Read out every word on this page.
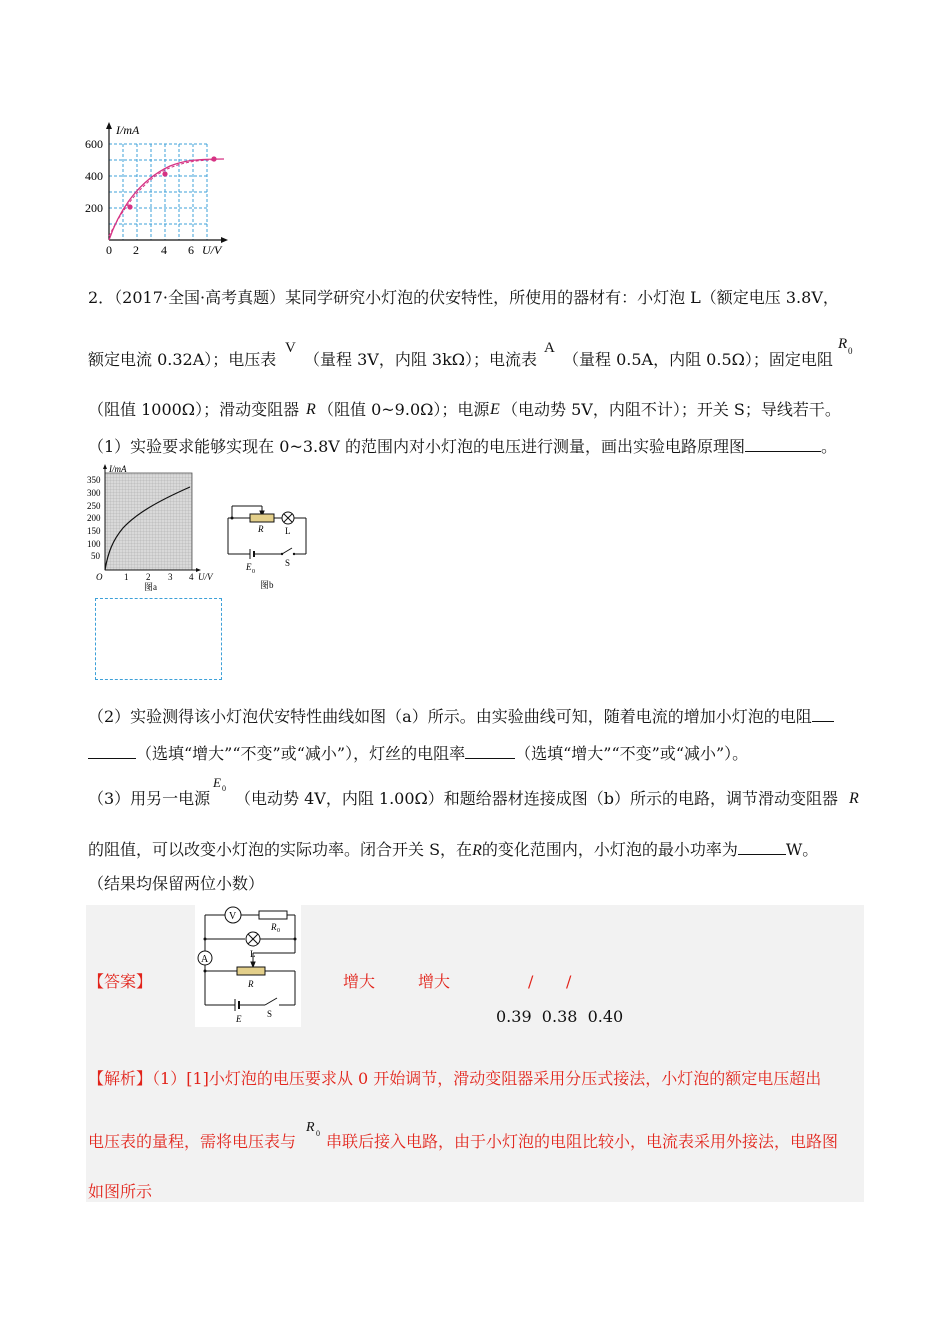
I/mA
600
400
200
0 2 4 6 U/V
2．（2017·全国·高考真题）某同学研究小灯泡的伏安特性，所使用的器材有：小灯泡 L（额定电压 3.8V，
额定电流 0.32A）；电压表
V
（量程 3V，内阻 3kΩ）；电流表
A
（量程 0.5A，内阻 0.5Ω）；固定电阻
R 0
（阻值 1000Ω）；滑动变阻器 R （阻值 0~9.0Ω）；电源 E （电动势 5V，内阻不计）；开关 S；导线若干。
（1）实验要求能够实现在 0~3.8V 的范围内对小灯泡的电压进行测量，画出实验电路原理图	。
I/mA
350
300
250
200
150
100
50
O 1 2 3 4 U/V
图a
R L
E 0
S
图b
（2）实验测得该小灯泡伏安特性曲线如图（a）所示。由实验曲线可知，随着电流的增加小灯泡的电阻
（选填“增大”“不变”或“减小”），灯丝的电阻率	（选填“增大”“不变”或“减小”）。
（3）用另一电源
E 0
（电动势 4V，内阻 1.00Ω）和题给器材连接成图（b）所示的电路，调节滑动变阻器 R
的阻值，可以改变小灯泡的实际功率。闭合开关 S，在R的变化范围内，小灯泡的最小功率为	W。
（结果均保留两位小数）
V
R 0
L
A
R
E	S
【答案】	增大	增大	/ /
0.39  0.38  0.40
【解析】（1）[1]小灯泡的电压要求从 0 开始调节，滑动变阻器采用分压式接法，小灯泡的额定电压超出
电压表的量程，需将电压表与
R 0 串联后接入电路，由于小灯泡的电阻比较小，电流表采用外接法，电路图
如图所示
